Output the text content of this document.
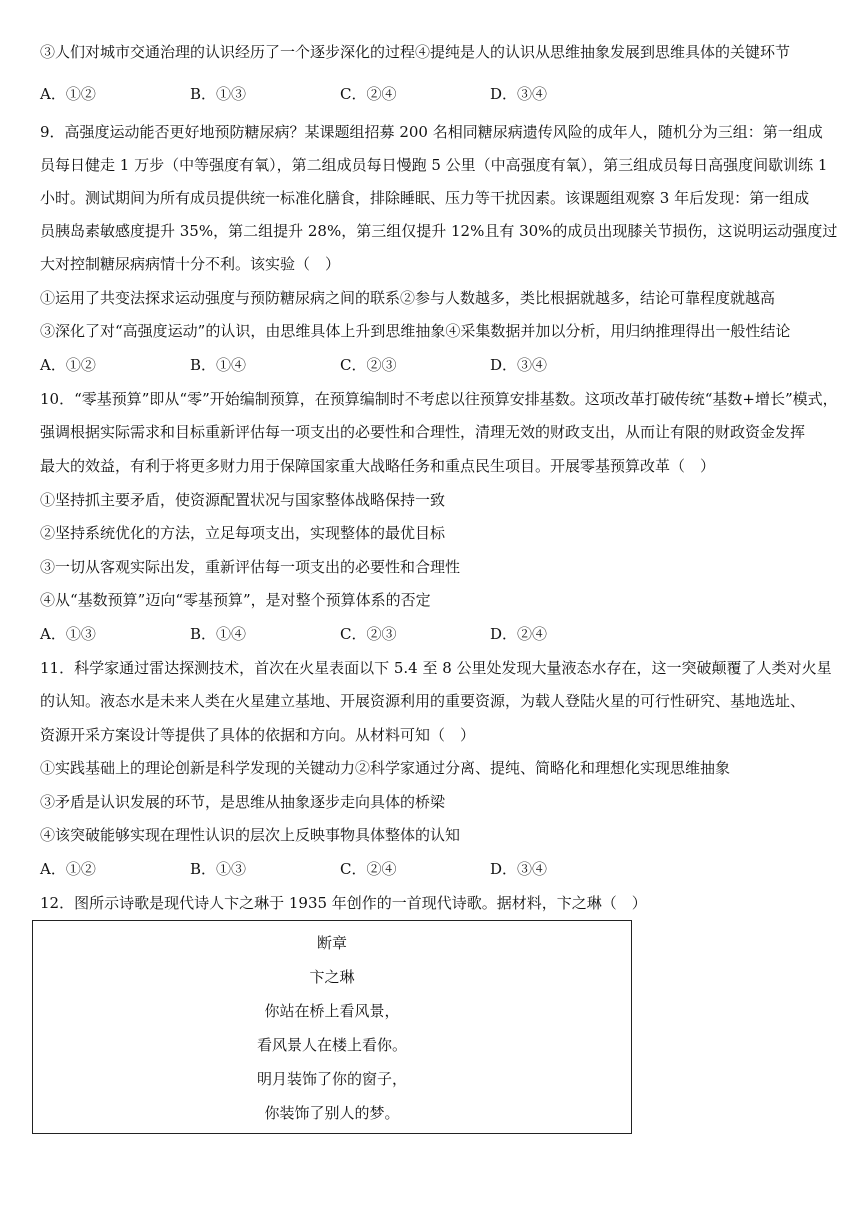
③人们对城市交通治理的认识经历了一个逐步深化的过程④提纯是人的认识从思维抽象发展到思维具体的关键环节
A．①②	B．①③	C．②④	D．③④
9．高强度运动能否更好地预防糖尿病？某课题组招募 200 名相同糖尿病遗传风险的成年人，随机分为三组：第一组成
员每日健走 1 万步（中等强度有氧），第二组成员每日慢跑 5 公里（中高强度有氧），第三组成员每日高强度间歇训练 1
小时。测试期间为所有成员提供统一标准化膳食，排除睡眠、压力等干扰因素。该课题组观察 3 年后发现：第一组成
员胰岛素敏感度提升 35%，第二组提升 28%，第三组仅提升 12%且有 30%的成员出现膝关节损伤，这说明运动强度过
大对控制糖尿病病情十分不利。该实验（　）
①运用了共变法探求运动强度与预防糖尿病之间的联系②参与人数越多，类比根据就越多，结论可靠程度就越高
③深化了对“高强度运动”的认识，由思维具体上升到思维抽象④采集数据并加以分析，用归纳推理得出一般性结论
A．①②	B．①④	C．②③	D．③④
10．“零基预算”即从“零”开始编制预算，在预算编制时不考虑以往预算安排基数。这项改革打破传统“基数+增长”模式，
强调根据实际需求和目标重新评估每一项支出的必要性和合理性，清理无效的财政支出，从而让有限的财政资金发挥
最大的效益，有利于将更多财力用于保障国家重大战略任务和重点民生项目。开展零基预算改革（　）
①坚持抓主要矛盾，使资源配置状况与国家整体战略保持一致
②坚持系统优化的方法，立足每项支出，实现整体的最优目标
③一切从客观实际出发，重新评估每一项支出的必要性和合理性
④从“基数预算”迈向“零基预算”，是对整个预算体系的否定
A．①③	B．①④	C．②③	D．②④
11．科学家通过雷达探测技术，首次在火星表面以下 5.4 至 8 公里处发现大量液态水存在，这一突破颠覆了人类对火星
的认知。液态水是未来人类在火星建立基地、开展资源利用的重要资源，为载人登陆火星的可行性研究、基地选址、
资源开采方案设计等提供了具体的依据和方向。从材料可知（　）
①实践基础上的理论创新是科学发现的关键动力②科学家通过分离、提纯、简略化和理想化实现思维抽象
③矛盾是认识发展的环节，是思维从抽象逐步走向具体的桥梁
④该突破能够实现在理性认识的层次上反映事物具体整体的认知
A．①②	B．①③	C．②④	D．③④
12．图所示诗歌是现代诗人卞之琳于 1935 年创作的一首现代诗歌。据材料，卞之琳（　）
断章
卞之琳
你站在桥上看风景，
看风景人在楼上看你。
明月装饰了你的窗子，
你装饰了别人的梦。
